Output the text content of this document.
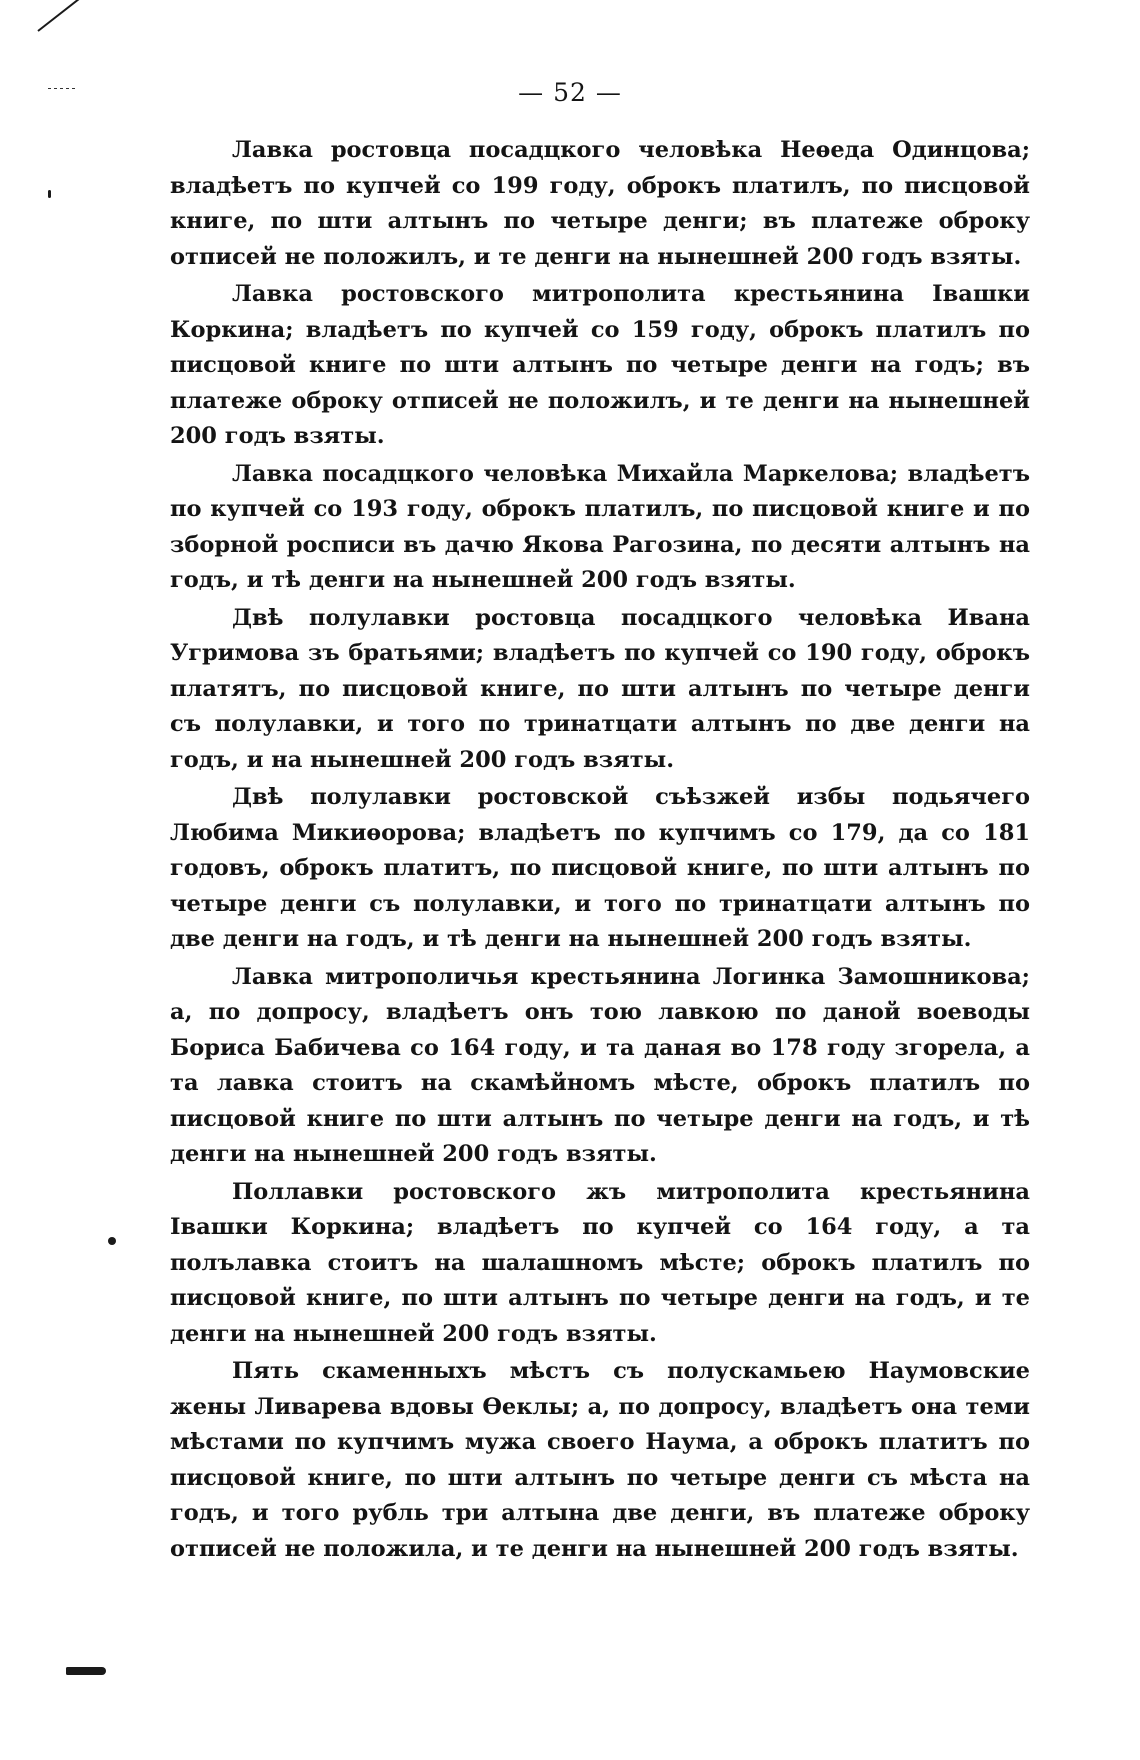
— 52 —

Лавка ростовца посадцкого человѣка Неѳеда Одинцова; владѣетъ по купчей со 199 году, оброкъ платилъ, по писцовой книге, по шти алтынъ по четыре денги; въ платеже оброку отписей не положилъ, и те денги на нынешней 200 годъ взяты.

Лавка ростовского митрополита крестьянина Івашки Коркина; владѣетъ по купчей со 159 году, оброкъ платилъ по писцовой книге по шти алтынъ по четыре денги на годъ; въ платеже оброку отписей не положилъ, и те денги на нынешней 200 годъ взяты.

Лавка посадцкого человѣка Михайла Маркелова; владѣетъ по купчей со 193 году, оброкъ платилъ, по писцовой книге и по зборной росписи въ дачю Якова Рагозина, по десяти алтынъ на годъ, и тѣ денги на нынешней 200 годъ взяты.

Двѣ полулавки ростовца посадцкого человѣка Ивана Угримова зъ братьями; владѣетъ по купчей со 190 году, оброкъ платятъ, по писцовой книге, по шти алтынъ по четыре денги съ полулавки, и того по тринатцати алтынъ по две денги на годъ, и на нынешней 200 годъ взяты.

Двѣ полулавки ростовской съѣзжей избы подьячего Любима Микиѳорова; владѣетъ по купчимъ со 179, да со 181 годовъ, оброкъ платитъ, по писцовой книге, по шти алтынъ по четыре денги съ полулавки, и того по тринатцати алтынъ по две денги на годъ, и тѣ денги на нынешней 200 годъ взяты.

Лавка митрополичья крестьянина Логинка Замошникова; а, по допросу, владѣетъ онъ тою лавкою по даной воеводы Бориса Бабичева со 164 году, и та даная во 178 году згорела, а та лавка стоитъ на скамѣйномъ мѣсте, оброкъ платилъ по писцовой книге по шти алтынъ по четыре денги на годъ, и тѣ денги на нынешней 200 годъ взяты.

Поллавки ростовского жъ митрополита крестьянина Івашки Коркина; владѣетъ по купчей со 164 году, а та полълавка стоитъ на шалашномъ мѣсте; оброкъ платилъ по писцовой книге, по шти алтынъ по четыре денги на годъ, и те денги на нынешней 200 годъ взяты.

Пять скаменныхъ мѣстъ съ полускамьею Наумовские жены Ливарева вдовы Ѳеклы; а, по допросу, владѣетъ она теми мѣстами по купчимъ мужа своего Наума, а оброкъ платитъ по писцовой книге, по шти алтынъ по четыре денги съ мѣста на годъ, и того рубль три алтына две денги, въ платеже оброку отписей не положила, и те денги на нынешней 200 годъ взяты.
